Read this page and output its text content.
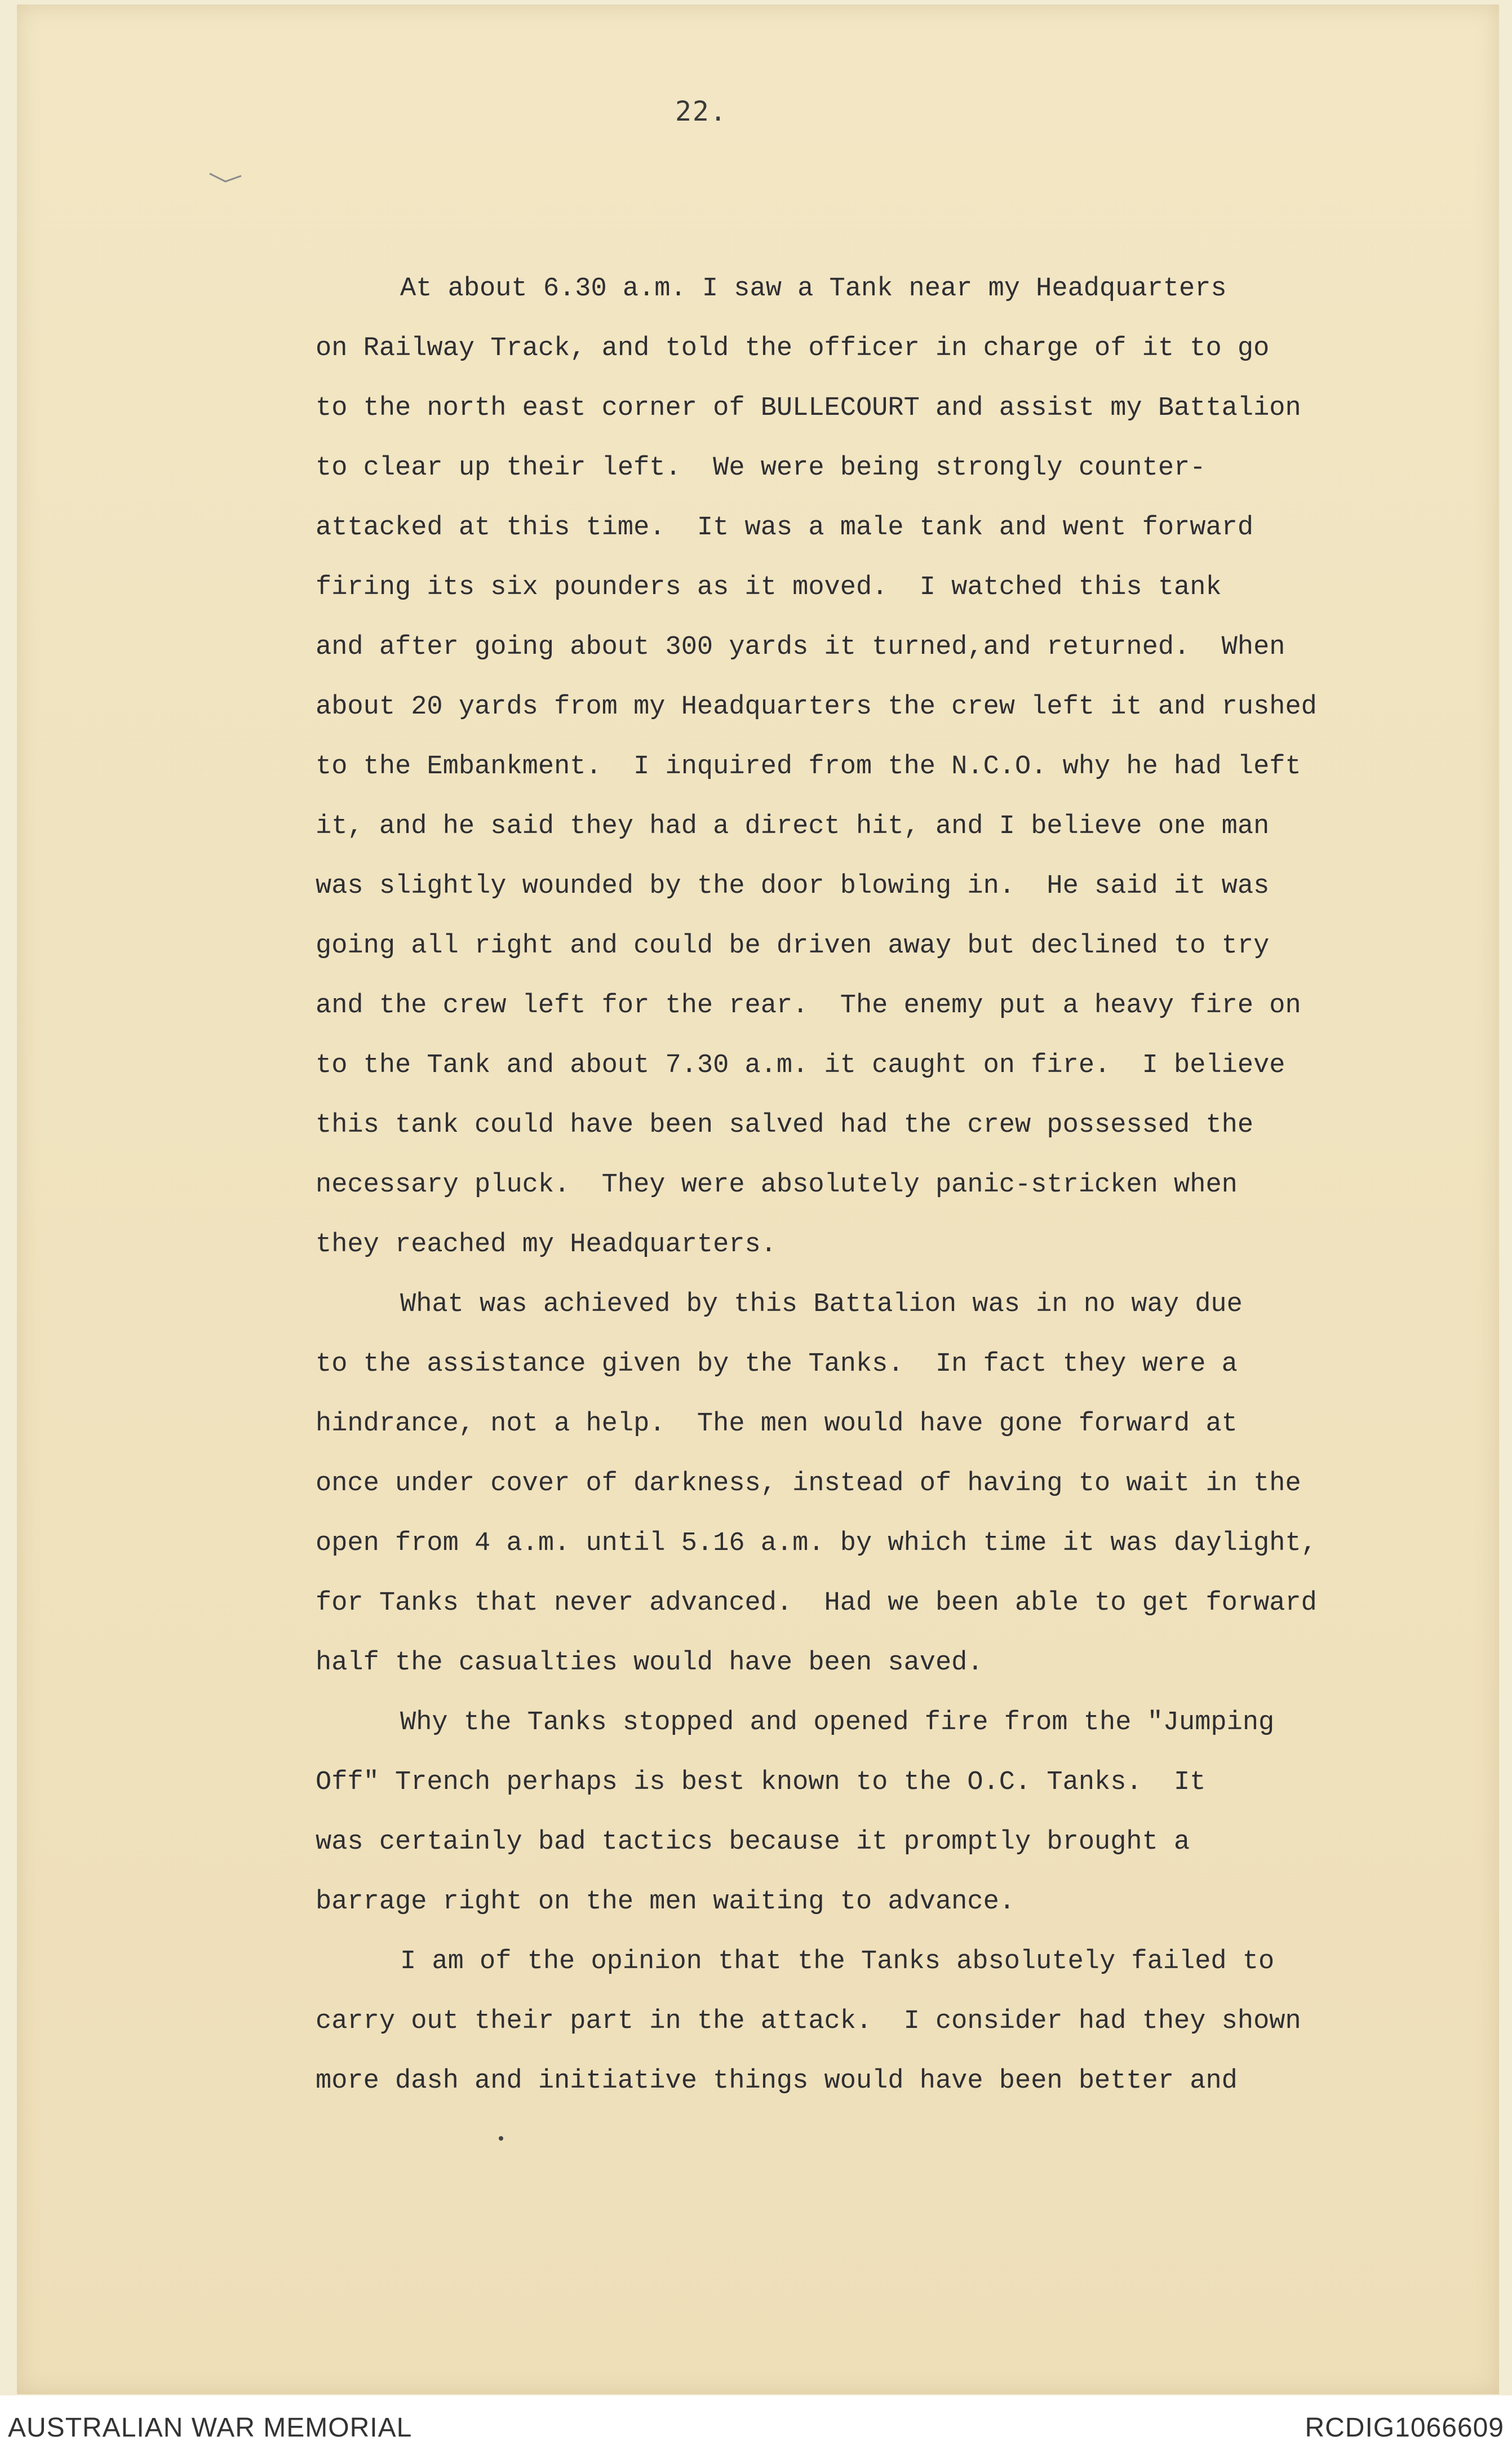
22.
At about 6.30 a.m. I saw a Tank near my Headquarters
on Railway Track, and told the officer in charge of it to go
to the north east corner of BULLECOURT and assist my Battalion
to clear up their left.  We were being strongly counter-
attacked at this time.  It was a male tank and went forward
firing its six pounders as it moved.  I watched this tank
and after going about 300 yards it turned,and returned.  When
about 20 yards from my Headquarters the crew left it and rushed
to the Embankment.  I inquired from the N.C.O. why he had left
it, and he said they had a direct hit, and I believe one man
was slightly wounded by the door blowing in.  He said it was
going all right and could be driven away but declined to try
and the crew left for the rear.  The enemy put a heavy fire on
to the Tank and about 7.30 a.m. it caught on fire.  I believe
this tank could have been salved had the crew possessed the
necessary pluck.  They were absolutely panic-stricken when
they reached my Headquarters.
What was achieved by this Battalion was in no way due
to the assistance given by the Tanks.  In fact they were a
hindrance, not a help.  The men would have gone forward at
once under cover of darkness, instead of having to wait in the
open from 4 a.m. until 5.16 a.m. by which time it was daylight,
for Tanks that never advanced.  Had we been able to get forward
half the casualties would have been saved.
Why the Tanks stopped and opened fire from the "Jumping
Off" Trench perhaps is best known to the O.C. Tanks.  It
was certainly bad tactics because it promptly brought a
barrage right on the men waiting to advance.
I am of the opinion that the Tanks absolutely failed to
carry out their part in the attack.  I consider had they shown
more dash and initiative things would have been better and
AUSTRALIAN WAR MEMORIAL	RCDIG1066609
